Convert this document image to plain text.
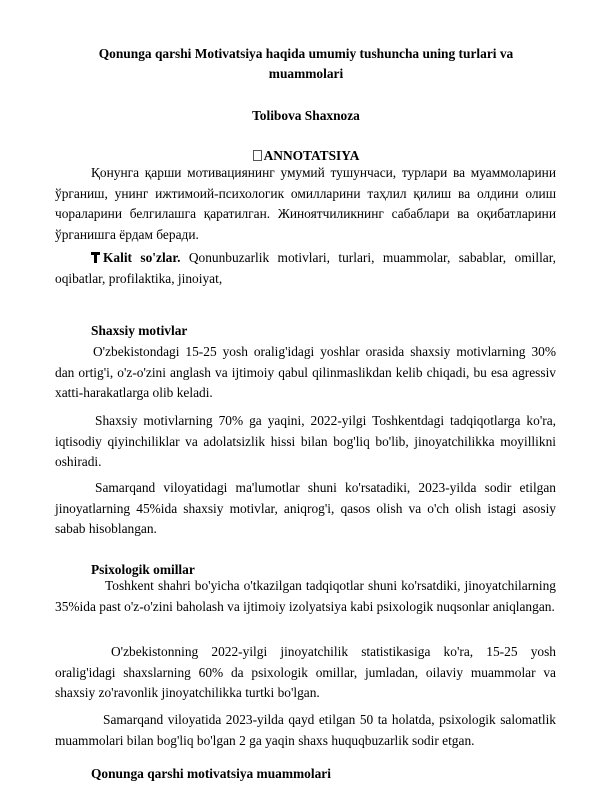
Qonunga qarshi Motivatsiya haqida umumiy tushuncha uning turlari va muammolari
Tolibova Shaxnoza
ANNOTATSIYA
Қонунга қарши мотивациянинг умумий тушунчаси, турлари ва муаммоларини ўрганиш, унинг ижтимоий-психологик омилларини таҳлил қилиш ва олдини олиш чораларини белгилашга қаратилган. Жиноятчиликнинг сабаблари ва оқибатларини ўрганишга ёрдам беради.
Kalit so'zlar. Qonunbuzarlik motivlari, turlari, muammolar, sabablar, omillar, oqibatlar, profilaktika, jinoiyat,
Shaxsiy motivlar
O'zbekistondagi 15-25 yosh oralig'idagi yoshlar orasida shaxsiy motivlarning 30% dan ortig'i, o'z-o'zini anglash va ijtimoiy qabul qilinmaslikdan kelib chiqadi, bu esa agressiv xatti-harakatlarga olib keladi.
Shaxsiy motivlarning 70% ga yaqini, 2022-yilgi Toshkentdagi tadqiqotlarga ko'ra, iqtisodiy qiyinchiliklar va adolatsizlik hissi bilan bog'liq bo'lib, jinoyatchilikka moyillikni oshiradi.
Samarqand viloyatidagi ma'lumotlar shuni ko'rsatadiki, 2023-yilda sodir etilgan jinoyatlarning 45%ida shaxsiy motivlar, aniqrog'i, qasos olish va o'ch olish istagi asosiy sabab hisoblangan.
Psixologik omillar
Toshkent shahri bo'yicha o'tkazilgan tadqiqotlar shuni ko'rsatdiki, jinoyatchilarning 35%ida past o'z-o'zini baholash va ijtimoiy izolyatsiya kabi psixologik nuqsonlar aniqlangan.
O'zbekistonning 2022-yilgi jinoyatchilik statistikasiga ko'ra, 15-25 yosh oralig'idagi shaxslarning 60% da psixologik omillar, jumladan, oilaviy muammolar va shaxsiy zo'ravonlik jinoyatchilikka turtki bo'lgan.
Samarqand viloyatida 2023-yilda qayd etilgan 50 ta holatda, psixologik salomatlik muammolari bilan bog'liq bo'lgan 2 ga yaqin shaxs huquqbuzarlik sodir etgan.
Qonunga qarshi motivatsiya muammolari
